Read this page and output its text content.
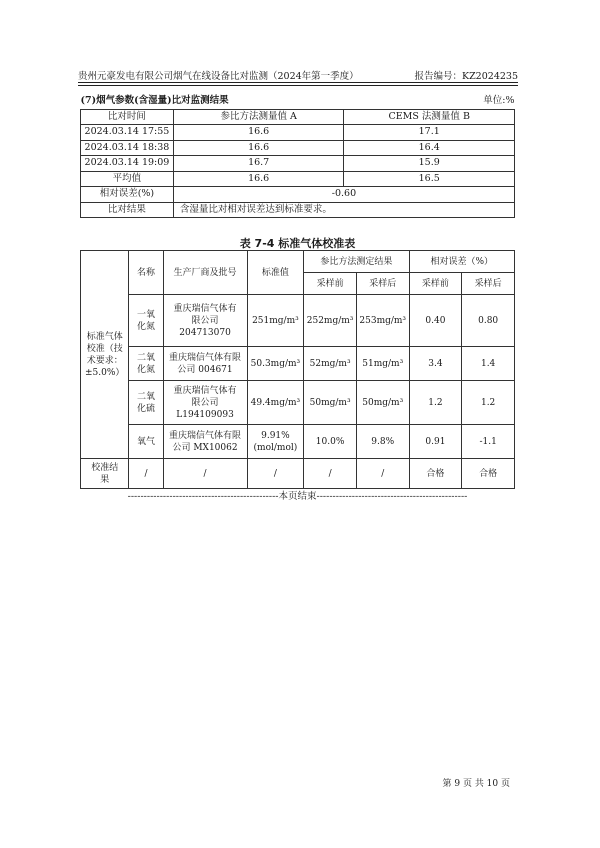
贵州元豪发电有限公司烟气在线设备比对监测（2024年第一季度）	报告编号：KZ2024235
(7)烟气参数(含湿量)比对监测结果		单位:%
比对时间	参比方法测量值 A	CEMS 法测量值 B
2024.03.14 17:55	16.6	17.1
2024.03.14 18:38	16.6	16.4
2024.03.14 19:09	16.7	15.9
平均值	16.6	16.5
相对误差(%)	-0.60	
比对结果	含湿量比对相对误差达到标准要求。	
表 7-4 标准气体校准表
标准气体校准（技术要求：±5.0%）	名称	生产厂商及批号	标准值	参比方法测定结果		相对误差（%）	
				采样前	采样后	采样前	采样后
	一氧化氮	重庆瑞信气体有限公司204713070	251mg/m³	252mg/m³	253mg/m³	0.40	0.80
	二氧化氮	重庆瑞信气体有限公司 004671	50.3mg/m³	52mg/m³	51mg/m³	3.4	1.4
	二氧化硫	重庆瑞信气体有限公司L194109093	49.4mg/m³	50mg/m³	50mg/m³	1.2	1.2
	氧气	重庆瑞信气体有限公司 MX10062	9.91%(mol/mol)	10.0%	9.8%	0.91	-1.1
校准结果	/	/	/	/	/	合格	合格
-----------------------------------------------本页结束-----------------------------------------------
第 9 页 共 10 页
